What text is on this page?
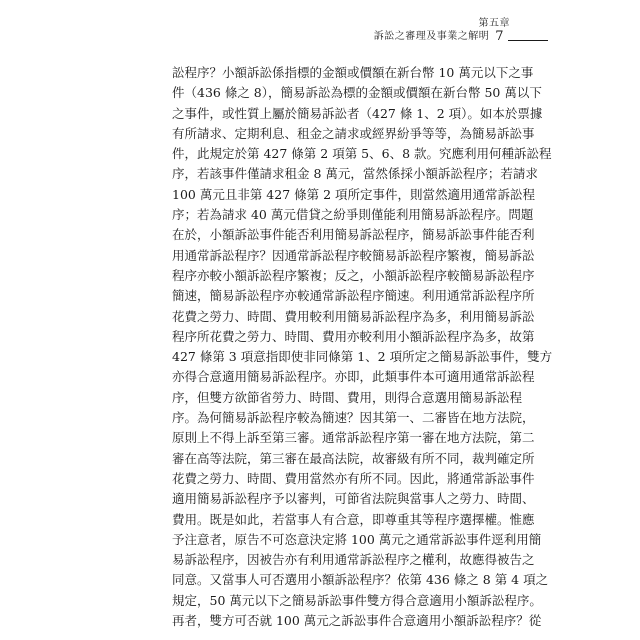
第五章
訴訟之審理及事業之解明 7
訟程序？小額訴訟係指標的金額或價額在新台幣 10 萬元以下之事
件（436 條之 8），簡易訴訟為標的金額或價額在新台幣 50 萬以下
之事件，或性質上屬於簡易訴訟者（427 條 1、2 項）。如本於票據
有所請求、定期利息、租金之請求或經界紛爭等等，為簡易訴訟事
件，此規定於第 427 條第 2 項第 5、6、8 款。究應利用何種訴訟程
序，若該事件僅請求租金 8 萬元，當然係採小額訴訟程序；若請求
100 萬元且非第 427 條第 2 項所定事件，則當然適用通常訴訟程
序；若為請求 40 萬元借貸之紛爭則僅能利用簡易訴訟程序。問題
在於，小額訴訟事件能否利用簡易訴訟程序，簡易訴訟事件能否利
用通常訴訟程序？因通常訴訟程序較簡易訴訟程序繁複，簡易訴訟
程序亦較小額訴訟程序繁複；反之，小額訴訟程序較簡易訴訟程序
簡速，簡易訴訟程序亦較通常訴訟程序簡速。利用通常訴訟程序所
花費之勞力、時間、費用較利用簡易訴訟程序為多，利用簡易訴訟
程序所花費之勞力、時間、費用亦較利用小額訴訟程序為多，故第
427 條第 3 項意指即使非同條第 1、2 項所定之簡易訴訟事件，雙方
亦得合意適用簡易訴訟程序。亦即，此類事件本可適用通常訴訟程
序，但雙方欲節省勞力、時間、費用，則得合意選用簡易訴訟程
序。為何簡易訴訟程序較為簡速？因其第一、二審皆在地方法院，
原則上不得上訴至第三審。通常訴訟程序第一審在地方法院，第二
審在高等法院，第三審在最高法院，故審級有所不同，裁判確定所
花費之勞力、時間、費用當然亦有所不同。因此，將通常訴訟事件
適用簡易訴訟程序予以審判，可節省法院與當事人之勞力、時間、
費用。既是如此，若當事人有合意，即尊重其等程序選擇權。惟應
予注意者，原告不可恣意決定將 100 萬元之通常訴訟事件逕利用簡
易訴訟程序，因被告亦有利用通常訴訟程序之權利，故應得被告之
同意。又當事人可否選用小額訴訟程序？依第 436 條之 8 第 4 項之
規定，50 萬元以下之簡易訴訟事件雙方得合意適用小額訴訟程序。
再者，雙方可否就 100 萬元之訴訟事件合意適用小額訴訟程序？從
